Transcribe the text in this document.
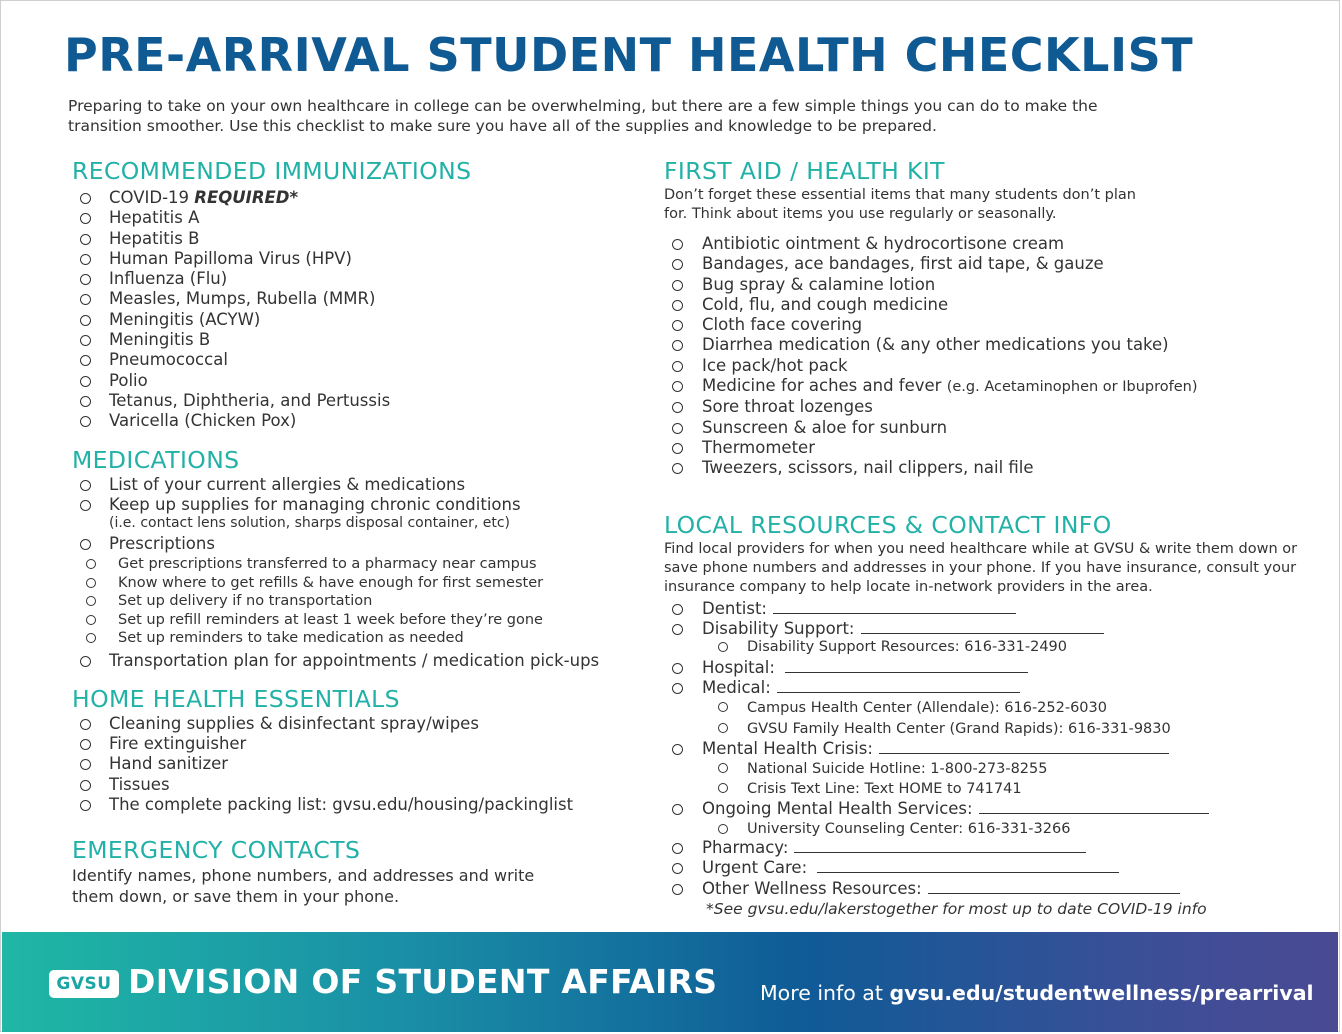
PRE-ARRIVAL STUDENT HEALTH CHECKLIST
Preparing to take on your own healthcare in college can be overwhelming, but there are a few simple things you can do to make the transition smoother. Use this checklist to make sure you have all of the supplies and knowledge to be prepared.
RECOMMENDED IMMUNIZATIONS
COVID-19 REQUIRED*
Hepatitis A
Hepatitis B
Human Papilloma Virus (HPV)
Influenza (Flu)
Measles, Mumps, Rubella (MMR)
Meningitis (ACYW)
Meningitis B
Pneumococcal
Polio
Tetanus, Diphtheria, and Pertussis
Varicella (Chicken Pox)
MEDICATIONS
List of your current allergies & medications
Keep up supplies for managing chronic conditions
(i.e. contact lens solution, sharps disposal container, etc)
Prescriptions
Get prescriptions transferred to a pharmacy near campus
Know where to get refills & have enough for first semester
Set up delivery if no transportation
Set up refill reminders at least 1 week before they’re gone
Set up reminders to take medication as needed
Transportation plan for appointments / medication pick-ups
HOME HEALTH ESSENTIALS
Cleaning supplies & disinfectant spray/wipes
Fire extinguisher
Hand sanitizer
Tissues
The complete packing list: gvsu.edu/housing/packinglist
EMERGENCY CONTACTS
Identify names, phone numbers, and addresses and write them down, or save them in your phone.
FIRST AID / HEALTH KIT
Don’t forget these essential items that many students don’t plan for. Think about items you use regularly or seasonally.
Antibiotic ointment & hydrocortisone cream
Bandages, ace bandages, first aid tape, & gauze
Bug spray & calamine lotion
Cold, flu, and cough medicine
Cloth face covering
Diarrhea medication (& any other medications you take)
Ice pack/hot pack
Medicine for aches and fever (e.g. Acetaminophen or Ibuprofen)
Sore throat lozenges
Sunscreen & aloe for sunburn
Thermometer
Tweezers, scissors, nail clippers, nail file
LOCAL RESOURCES & CONTACT INFO
Find local providers for when you need healthcare while at GVSU & write them down or save phone numbers and addresses in your phone. If you have insurance, consult your insurance company to help locate in-network providers in the area.
Dentist:
Disability Support:
Disability Support Resources: 616-331-2490
Hospital:
Medical:
Campus Health Center (Allendale): 616-252-6030
GVSU Family Health Center (Grand Rapids): 616-331-9830
Mental Health Crisis:
National Suicide Hotline: 1-800-273-8255
Crisis Text Line: Text HOME to 741741
Ongoing Mental Health Services:
University Counseling Center: 616-331-3266
Pharmacy:
Urgent Care:
Other Wellness Resources:
*See gvsu.edu/lakerstogether for most up to date COVID-19 info
GVSU DIVISION OF STUDENT AFFAIRS More info at gvsu.edu/studentwellness/prearrival
